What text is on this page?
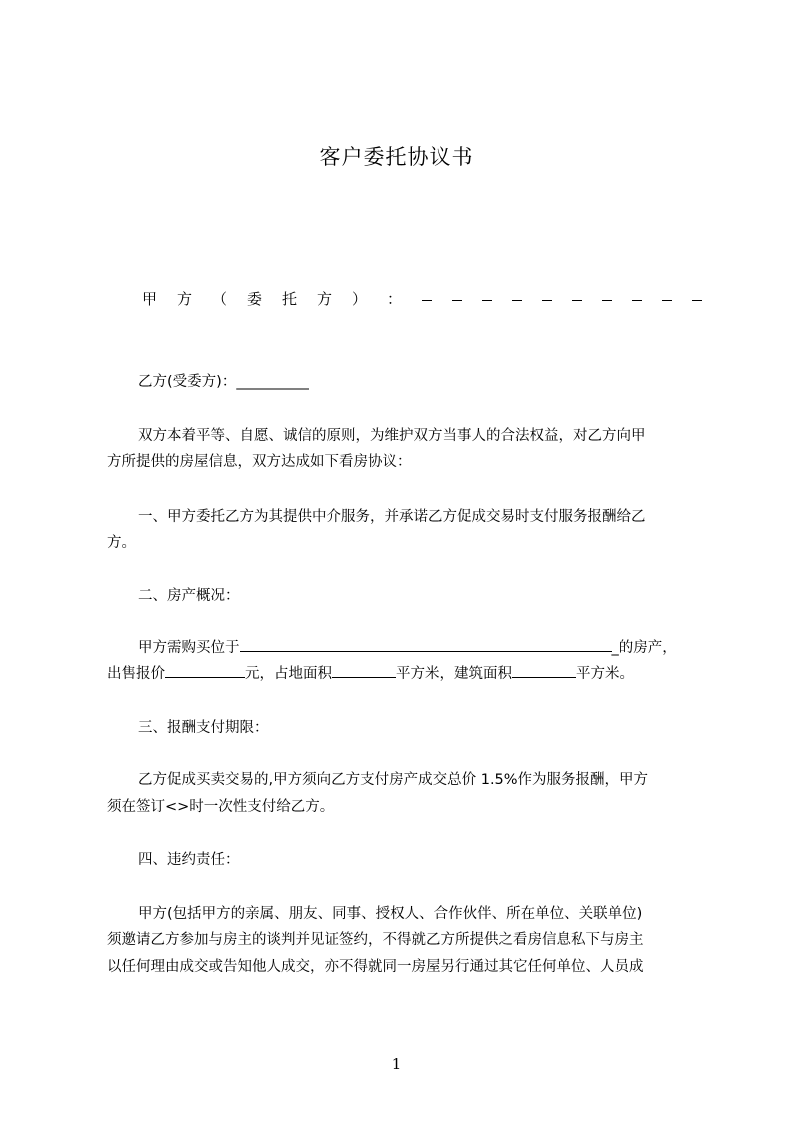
客户委托协议书
甲 方 （ 委 托 方 ） ：
乙方(受委方)：__________
双方本着平等、自愿、诚信的原则，为维护双方当事人的合法权益，对乙方向甲
方所提供的房屋信息，双方达成如下看房协议：
一、甲方委托乙方为其提供中介服务，并承诺乙方促成交易时支付服务报酬给乙
方。
二、房产概况：
甲方需购买位于	_的房产，
出售报价	元，占地面积	平方米，建筑面积	平方米。
三、报酬支付期限：
乙方促成买卖交易的,甲方须向乙方支付房产成交总价 1.5%作为服务报酬，甲方
须在签订<>时一次性支付给乙方。
四、违约责任：
甲方(包括甲方的亲属、朋友、同事、授权人、合作伙伴、所在单位、关联单位)
须邀请乙方参加与房主的谈判并见证签约，不得就乙方所提供之看房信息私下与房主
以任何理由成交或告知他人成交，亦不得就同一房屋另行通过其它任何单位、人员成
1
